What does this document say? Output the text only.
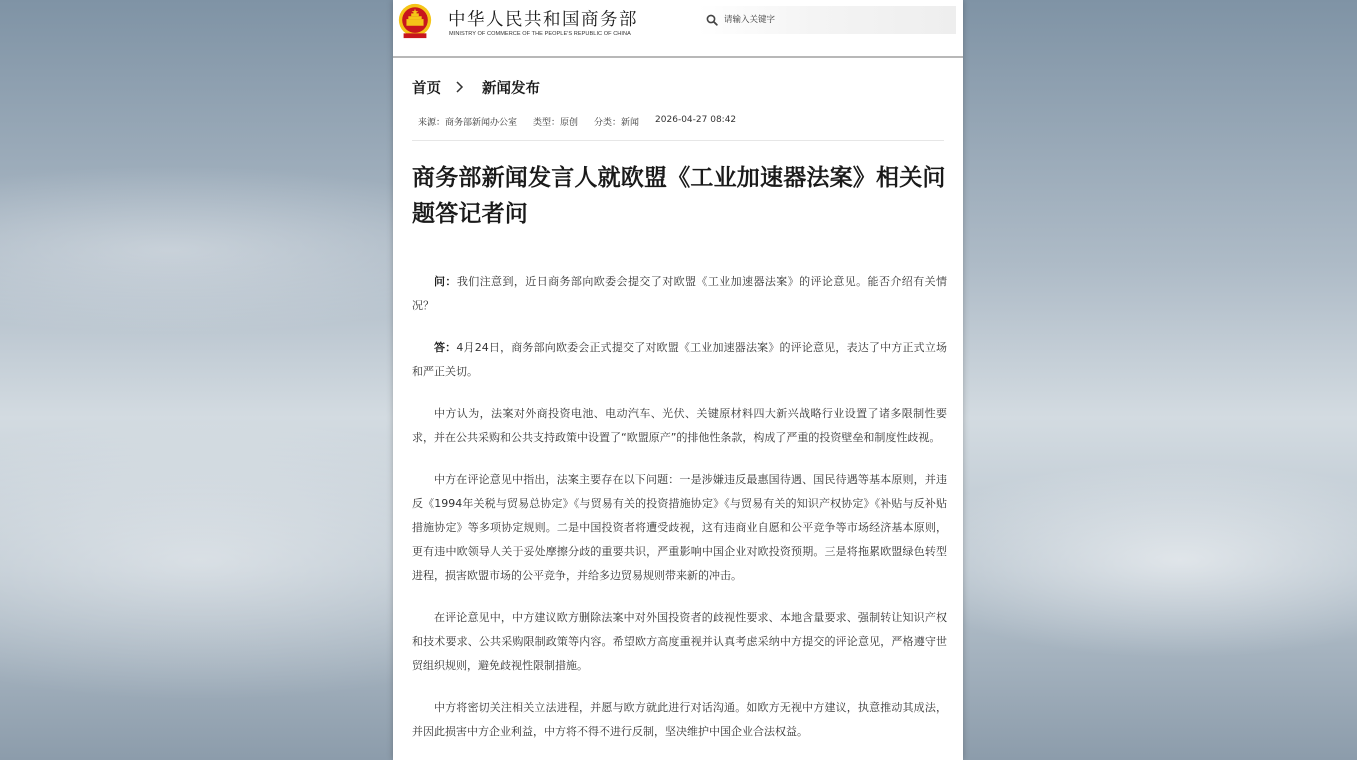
中华人民共和国商务部
MINISTRY OF COMMERCE OF THE PEOPLE'S REPUBLIC OF CHINA
请输入关键字
首页	新闻发布
来源：商务部新闻办公室 类型：原创 分类：新闻 2026-04-27 08:42
商务部新闻发言人就欧盟《工业加速器法案》相关问题答记者问

问：我们注意到，近日商务部向欧委会提交了对欧盟《工业加速器法案》的评论意见。能否介绍有关情况？

答：4月24日，商务部向欧委会正式提交了对欧盟《工业加速器法案》的评论意见，表达了中方正式立场和严正关切。

中方认为，法案对外商投资电池、电动汽车、光伏、关键原材料四大新兴战略行业设置了诸多限制性要求，并在公共采购和公共支持政策中设置了“欧盟原产”的排他性条款，构成了严重的投资壁垒和制度性歧视。

中方在评论意见中指出，法案主要存在以下问题：一是涉嫌违反最惠国待遇、国民待遇等基本原则，并违反《1994年关税与贸易总协定》《与贸易有关的投资措施协定》《与贸易有关的知识产权协定》《补贴与反补贴措施协定》等多项协定规则。二是中国投资者将遭受歧视，这有违商业自愿和公平竞争等市场经济基本原则，更有违中欧领导人关于妥处摩擦分歧的重要共识，严重影响中国企业对欧投资预期。三是将拖累欧盟绿色转型进程，损害欧盟市场的公平竞争，并给多边贸易规则带来新的冲击。

在评论意见中，中方建议欧方删除法案中对外国投资者的歧视性要求、本地含量要求、强制转让知识产权和技术要求、公共采购限制政策等内容。希望欧方高度重视并认真考虑采纳中方提交的评论意见，严格遵守世贸组织规则，避免歧视性限制措施。

中方将密切关注相关立法进程，并愿与欧方就此进行对话沟通。如欧方无视中方建议，执意推动其成法，并因此损害中方企业利益，中方将不得不进行反制，坚决维护中国企业合法权益。
